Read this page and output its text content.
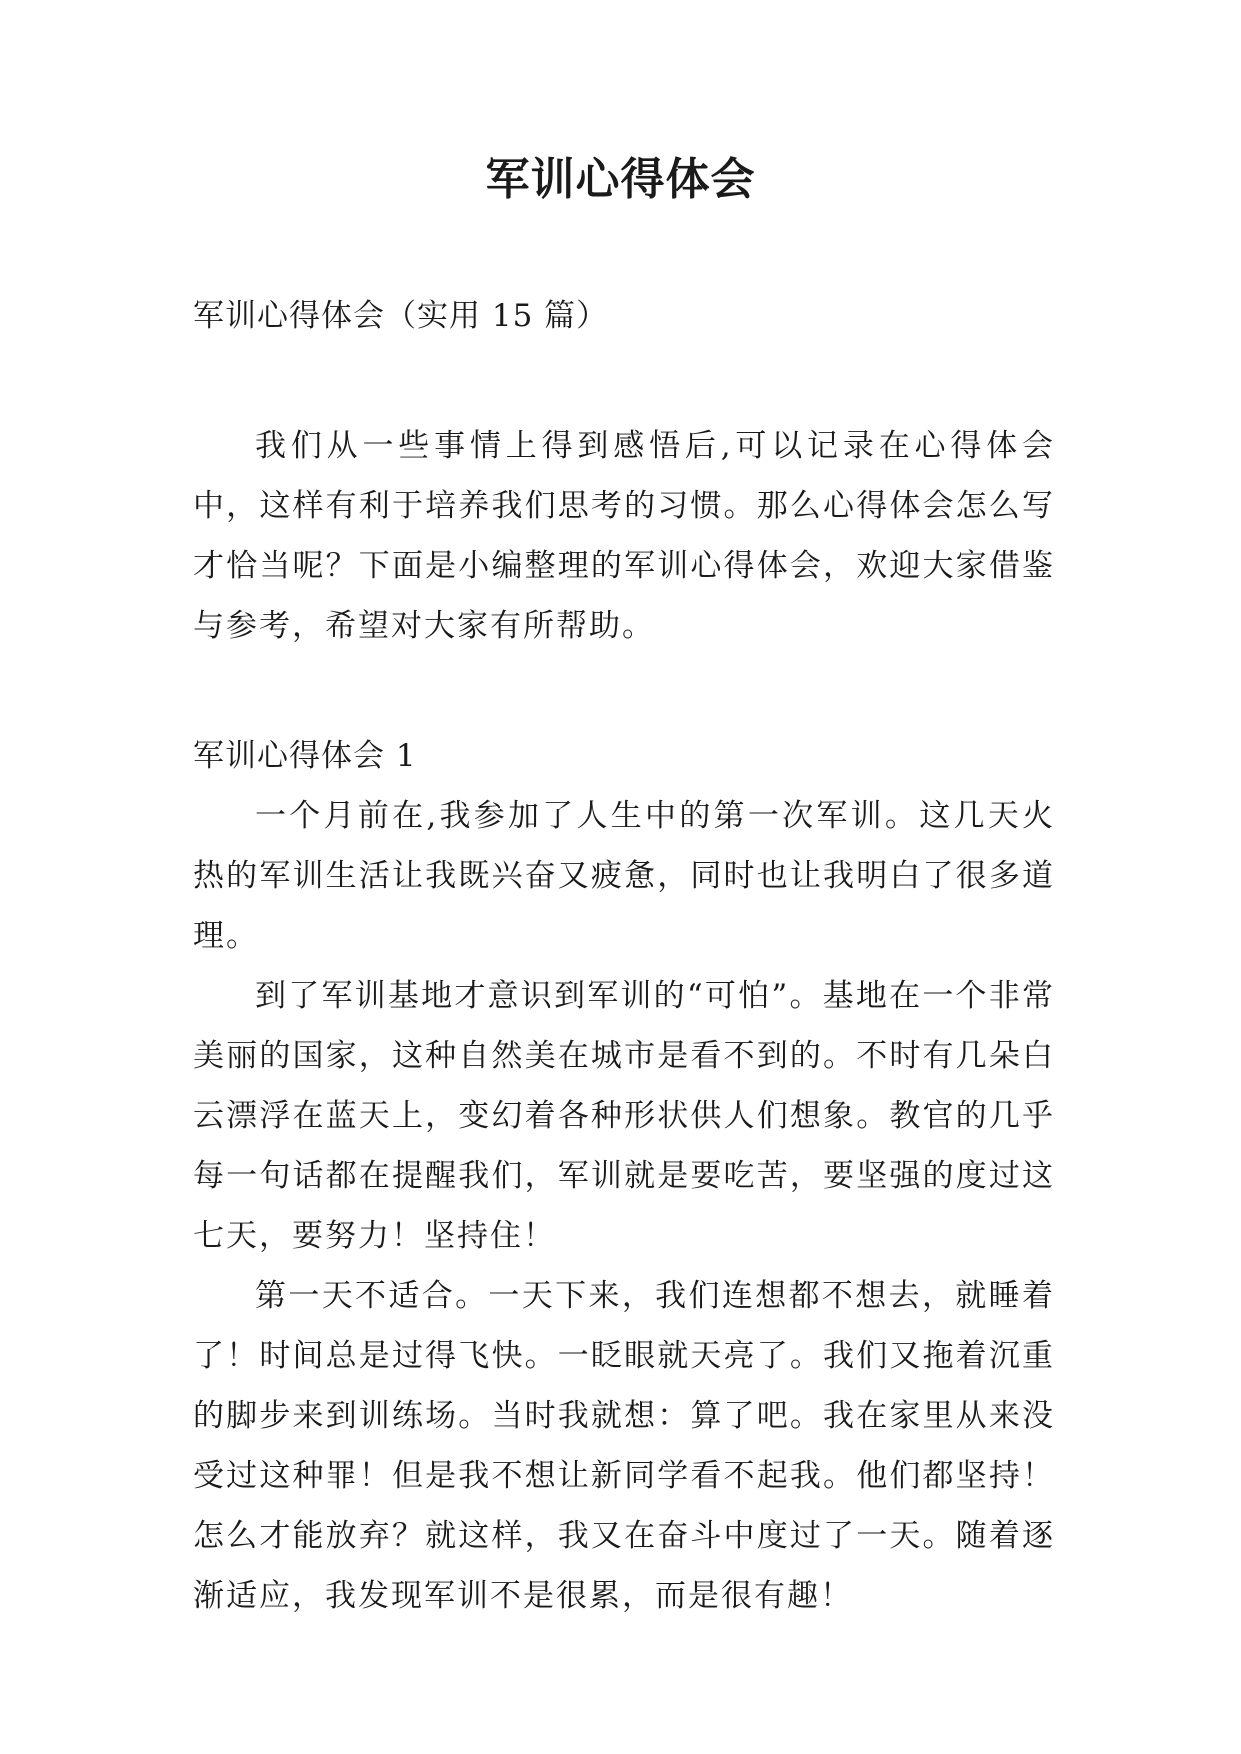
军训心得体会

军训心得体会（实用 15 篇）

我们从一些事情上得到感悟后,可以记录在心得体会中，这样有利于培养我们思考的习惯。那么心得体会怎么写才恰当呢？下面是小编整理的军训心得体会，欢迎大家借鉴与参考，希望对大家有所帮助。

军训心得体会 1

一个月前在,我参加了人生中的第一次军训。这几天火热的军训生活让我既兴奋又疲惫，同时也让我明白了很多道理。

到了军训基地才意识到军训的“可怕”。基地在一个非常美丽的国家，这种自然美在城市是看不到的。不时有几朵白云漂浮在蓝天上，变幻着各种形状供人们想象。教官的几乎每一句话都在提醒我们，军训就是要吃苦，要坚强的度过这七天，要努力！坚持住！

第一天不适合。一天下来，我们连想都不想去，就睡着了！时间总是过得飞快。一眨眼就天亮了。我们又拖着沉重的脚步来到训练场。当时我就想：算了吧。我在家里从来没受过这种罪！但是我不想让新同学看不起我。他们都坚持！怎么才能放弃？就这样，我又在奋斗中度过了一天。随着逐渐适应，我发现军训不是很累，而是很有趣！
